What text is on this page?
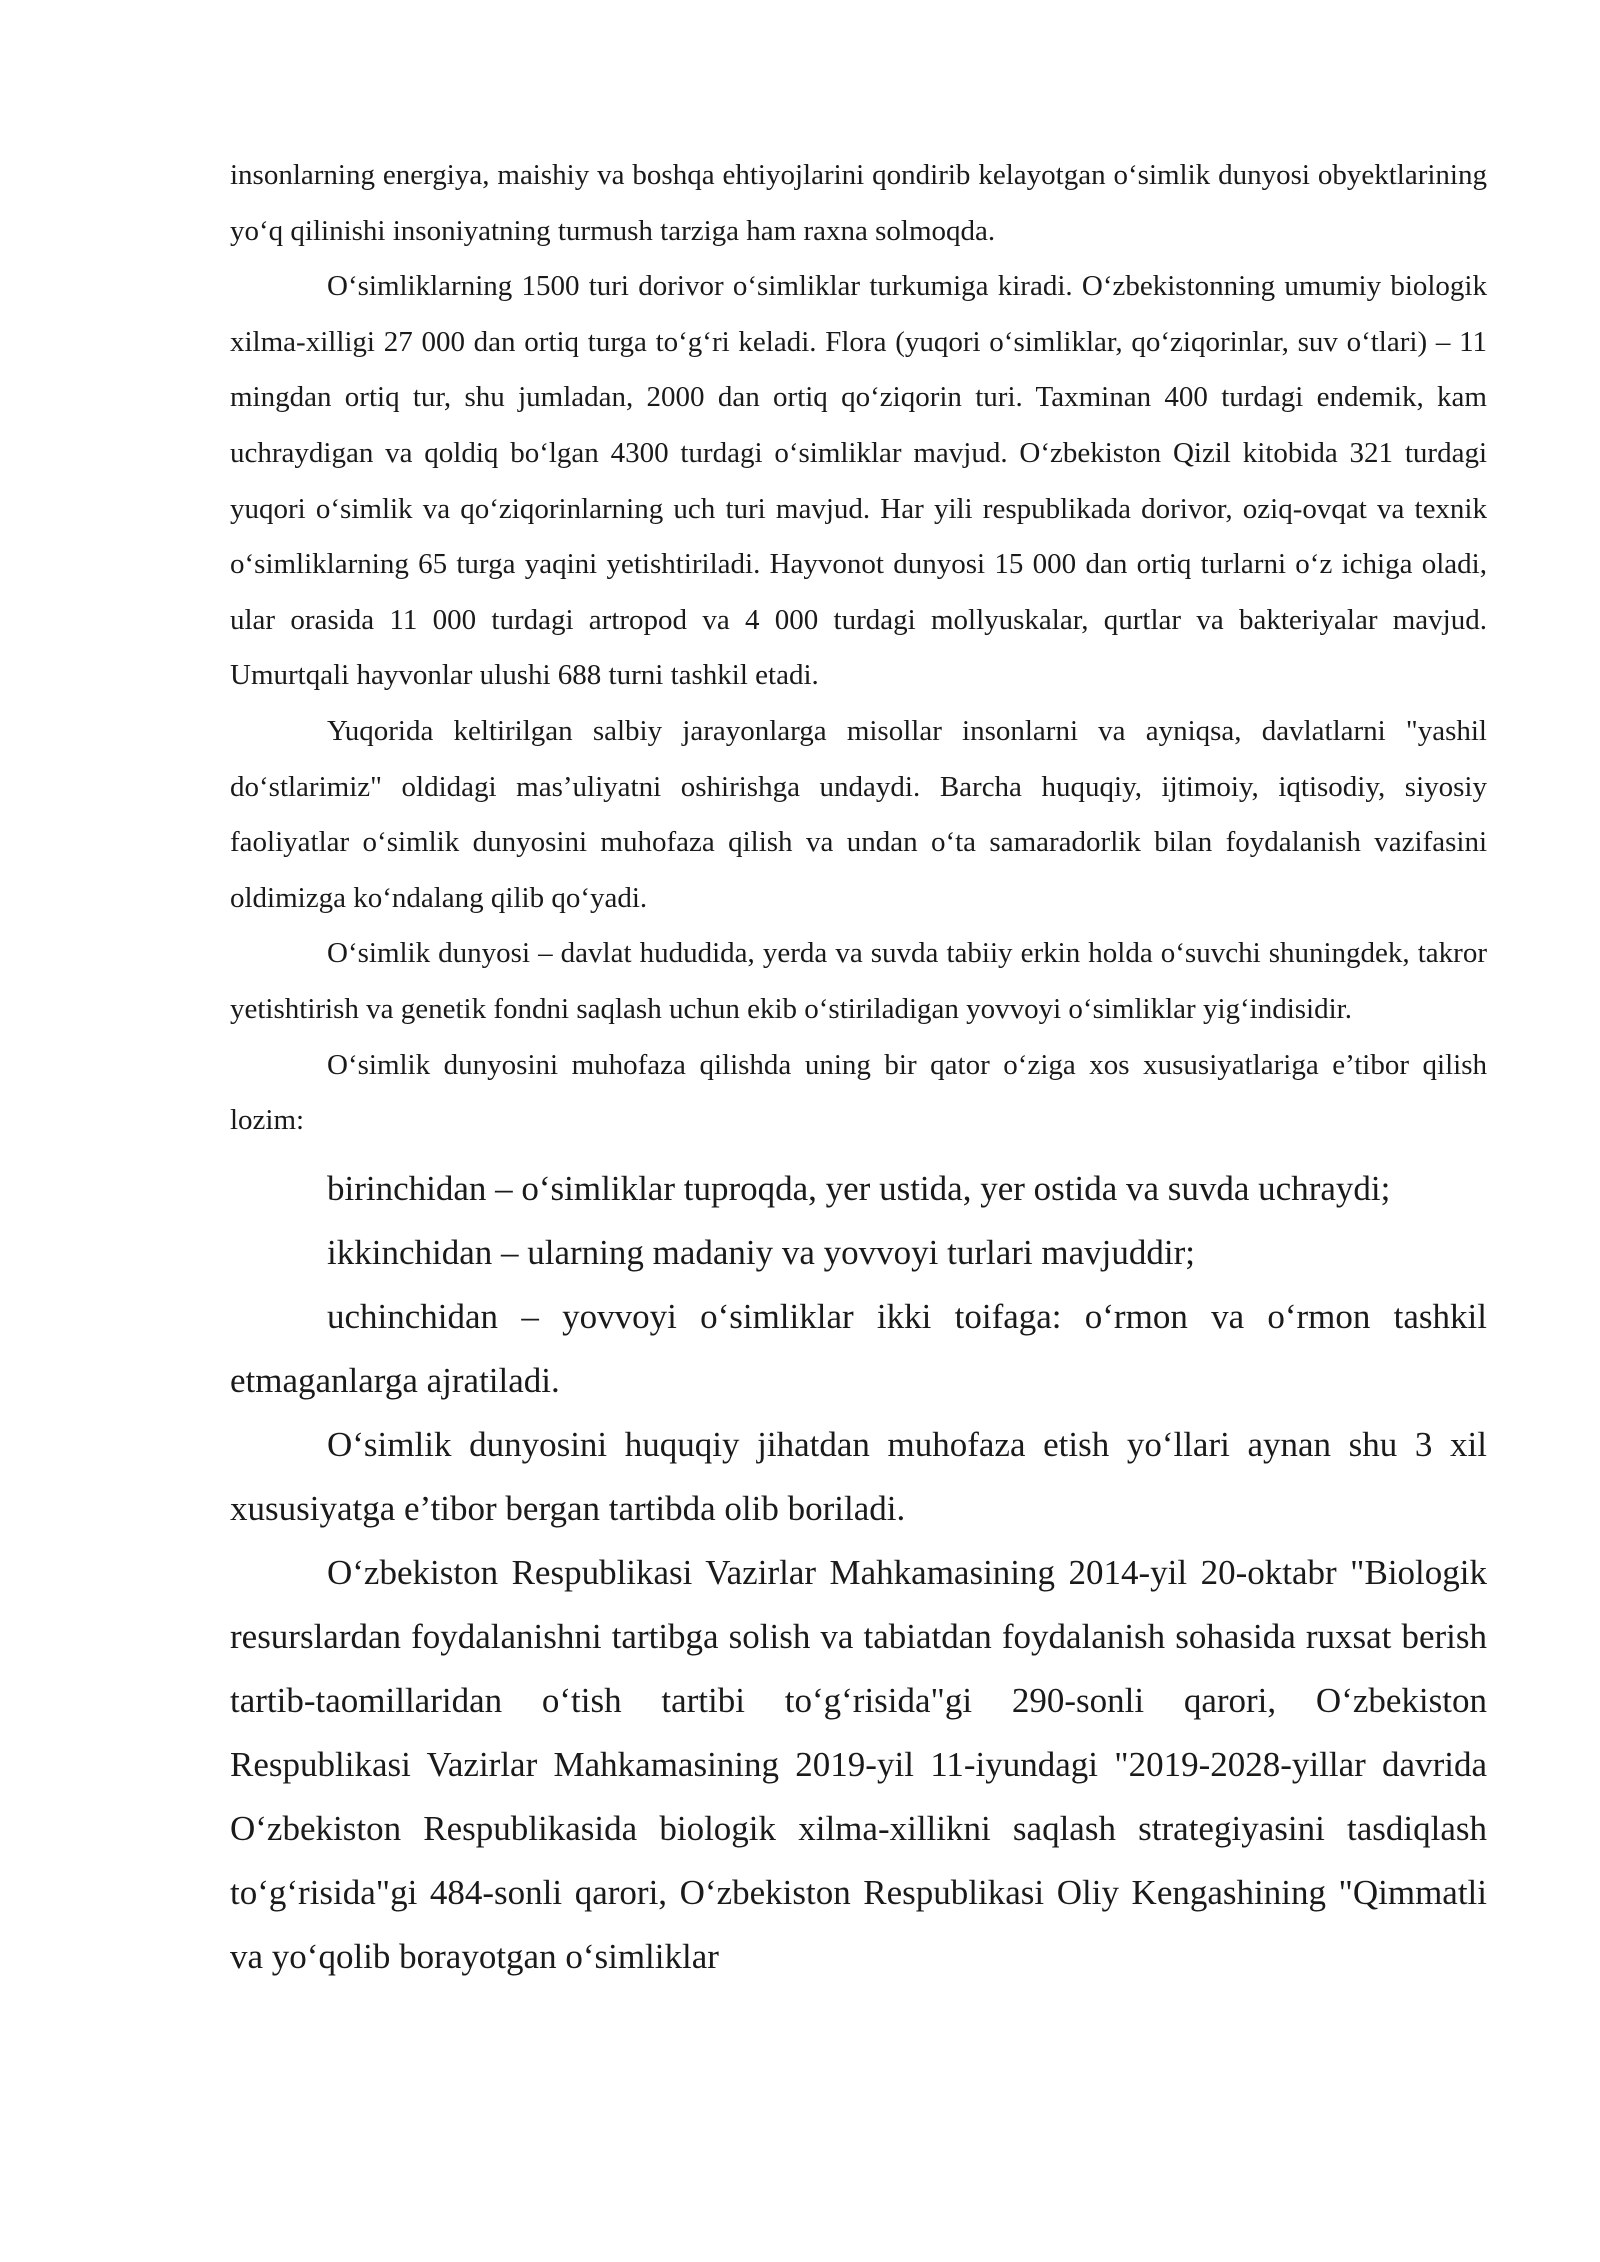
insonlarning energiya, maishiy va boshqa ehtiyojlarini qondirib kelayotgan o‘simlik dunyosi obyektlarining yo‘q qilinishi insoniyatning turmush tarziga ham raxna solmoqda.

O‘simliklarning 1500 turi dorivor o‘simliklar turkumiga kiradi. O‘zbekistonning umumiy biologik xilma-xilligi 27 000 dan ortiq turga to‘g‘ri keladi. Flora (yuqori o‘simliklar, qo‘ziqorinlar, suv o‘tlari) – 11 mingdan ortiq tur, shu jumladan, 2000 dan ortiq qo‘ziqorin turi. Taxminan 400 turdagi endemik, kam uchraydigan va qoldiq bo‘lgan 4300 turdagi o‘simliklar mavjud. O‘zbekiston Qizil kitobida 321 turdagi yuqori o‘simlik va qo‘ziqorinlarning uch turi mavjud. Har yili respublikada dorivor, oziq-ovqat va texnik o‘simliklarning 65 turga yaqini yetishtiriladi. Hayvonot dunyosi 15 000 dan ortiq turlarni o‘z ichiga oladi, ular orasida 11 000 turdagi artropod va 4 000 turdagi mollyuskalar, qurtlar va bakteriyalar mavjud. Umurtqali hayvonlar ulushi 688 turni tashkil etadi.

Yuqorida keltirilgan salbiy jarayonlarga misollar insonlarni va ayniqsa, davlatlarni "yashil do‘stlarimiz" oldidagi mas’uliyatni oshirishga undaydi. Barcha huquqiy, ijtimoiy, iqtisodiy, siyosiy faoliyatlar o‘simlik dunyosini muhofaza qilish va undan o‘ta samaradorlik bilan foydalanish vazifasini oldimizga ko‘ndalang qilib qo‘yadi.

O‘simlik dunyosi – davlat hududida, yerda va suvda tabiiy erkin holda o‘suvchi shuningdek, takror yetishtirish va genetik fondni saqlash uchun ekib o‘stiriladigan yovvoyi o‘simliklar yig‘indisidir.

O‘simlik dunyosini muhofaza qilishda uning bir qator o‘ziga xos xususiyatlariga e’tibor qilish lozim:

birinchidan – o‘simliklar tuproqda, yer ustida, yer ostida va suvda uchraydi;

ikkinchidan – ularning madaniy va yovvoyi turlari mavjuddir;

uchinchidan – yovvoyi o‘simliklar ikki toifaga: o‘rmon va o‘rmon tashkil etmaganlarga ajratiladi.

O‘simlik dunyosini huquqiy jihatdan muhofaza etish yo‘llari aynan shu 3 xil xususiyatga e’tibor bergan tartibda olib boriladi.

O‘zbekiston Respublikasi Vazirlar Mahkamasining 2014-yil 20-oktabr "Biologik resurslardan foydalanishni tartibga solish va tabiatdan foydalanish sohasida ruxsat berish tartib-taomillaridan o‘tish tartibi to‘g‘risida"gi 290-sonli qarori, O‘zbekiston Respublikasi Vazirlar Mahkamasining 2019-yil 11-iyundagi "2019-2028-yillar davrida O‘zbekiston Respublikasida biologik xilma-xillikni saqlash strategiyasini tasdiqlash to‘g‘risida"gi 484-sonli qarori, O‘zbekiston Respublikasi Oliy Kengashining "Qimmatli va yo‘qolib borayotgan o‘simliklar
